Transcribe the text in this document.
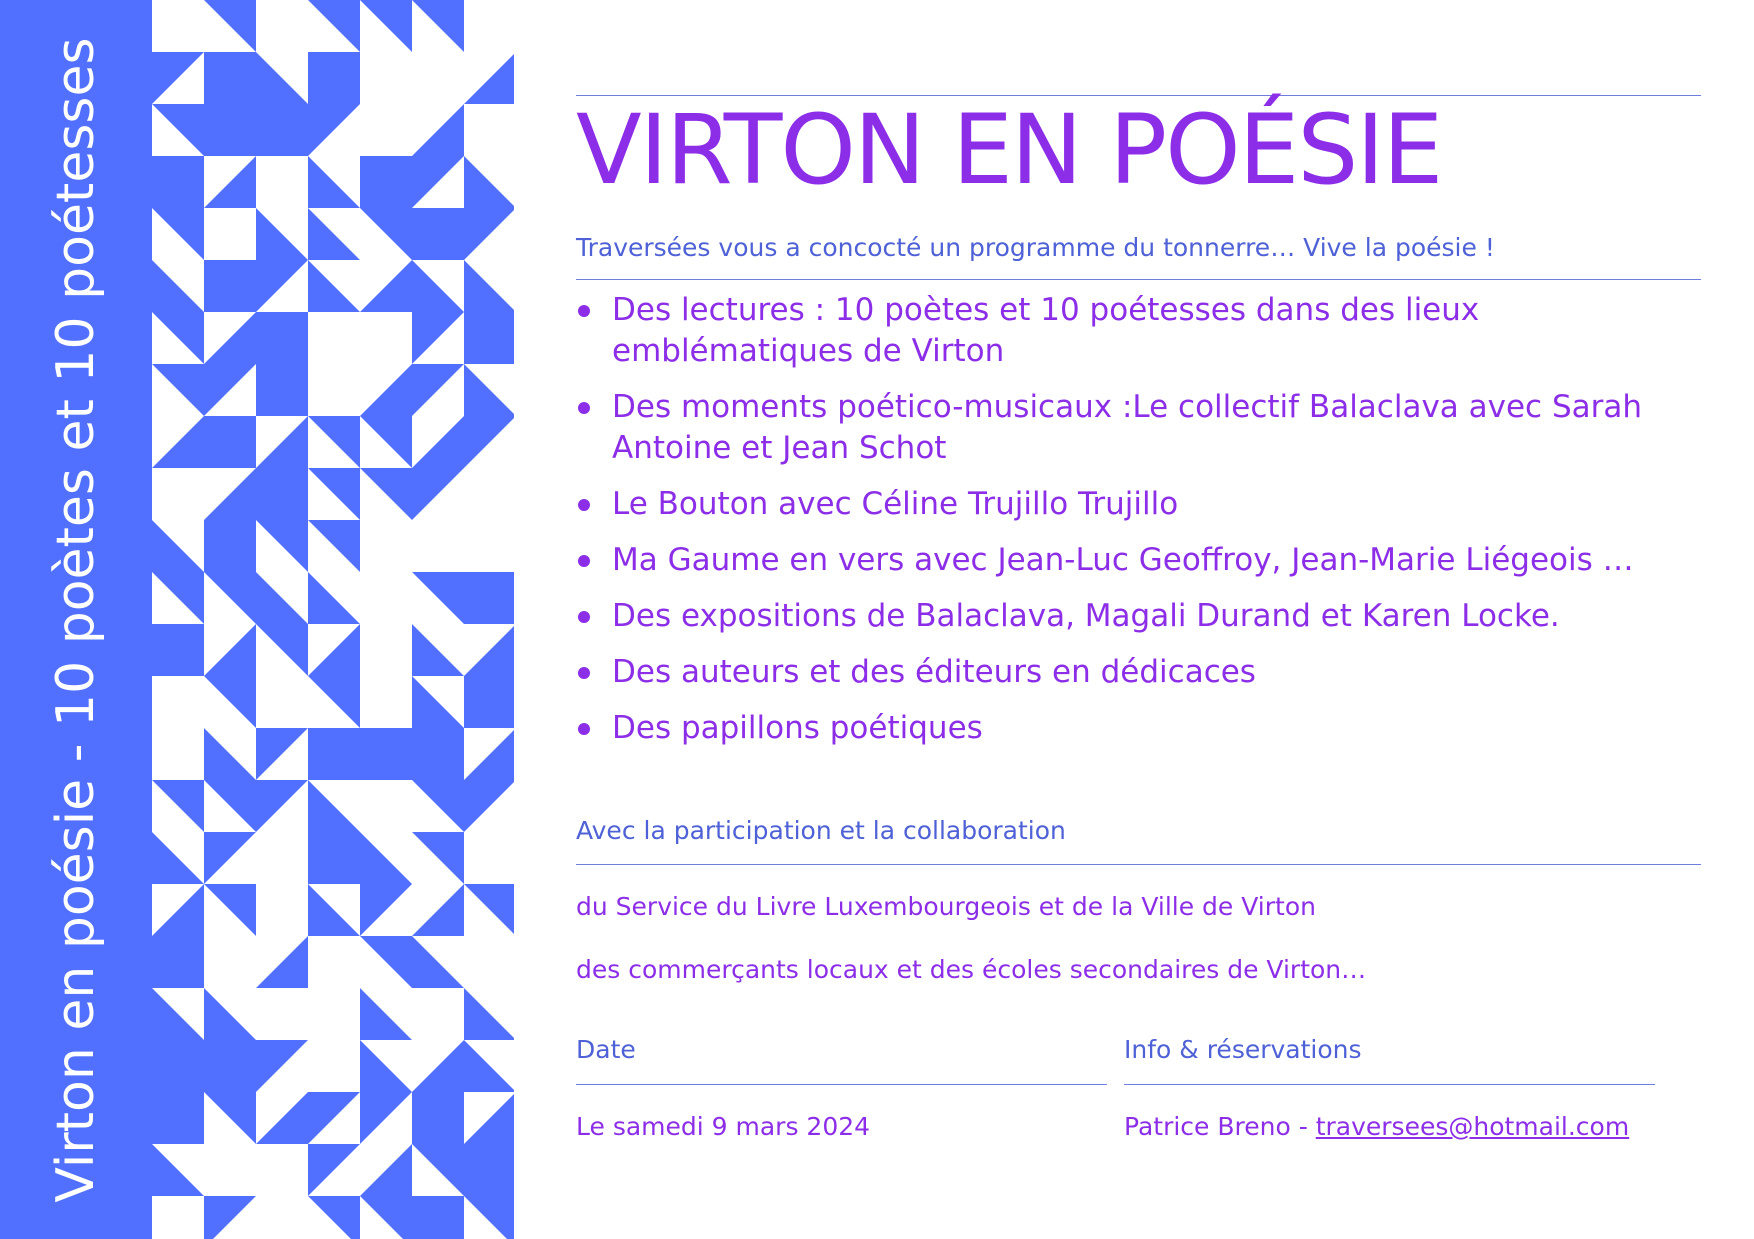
Virton en poésie - 10 poètes et 10 poétesses	VIRTON EN POÉSIE
Traversées vous a concocté un programme du tonnerre… Vive la poésie !
Des lectures : 10 poètes et 10 poétesses dans des lieux emblématiques de Virton
Des moments poético-musicaux :Le collectif Balaclava avec Sarah Antoine et Jean Schot
Le Bouton avec Céline Trujillo Trujillo
Ma Gaume en vers avec Jean-Luc Geoffroy, Jean-Marie Liégeois …
Des expositions de Balaclava, Magali Durand et Karen Locke.
Des auteurs et des éditeurs en dédicaces
Des papillons poétiques
Avec la participation et la collaboration
du Service du Livre Luxembourgeois et de la Ville de Virton
des commerçants locaux et des écoles secondaires de Virton…
Date
Le samedi 9 mars 2024
Info & réservations
Patrice Breno - traversees@hotmail.com
